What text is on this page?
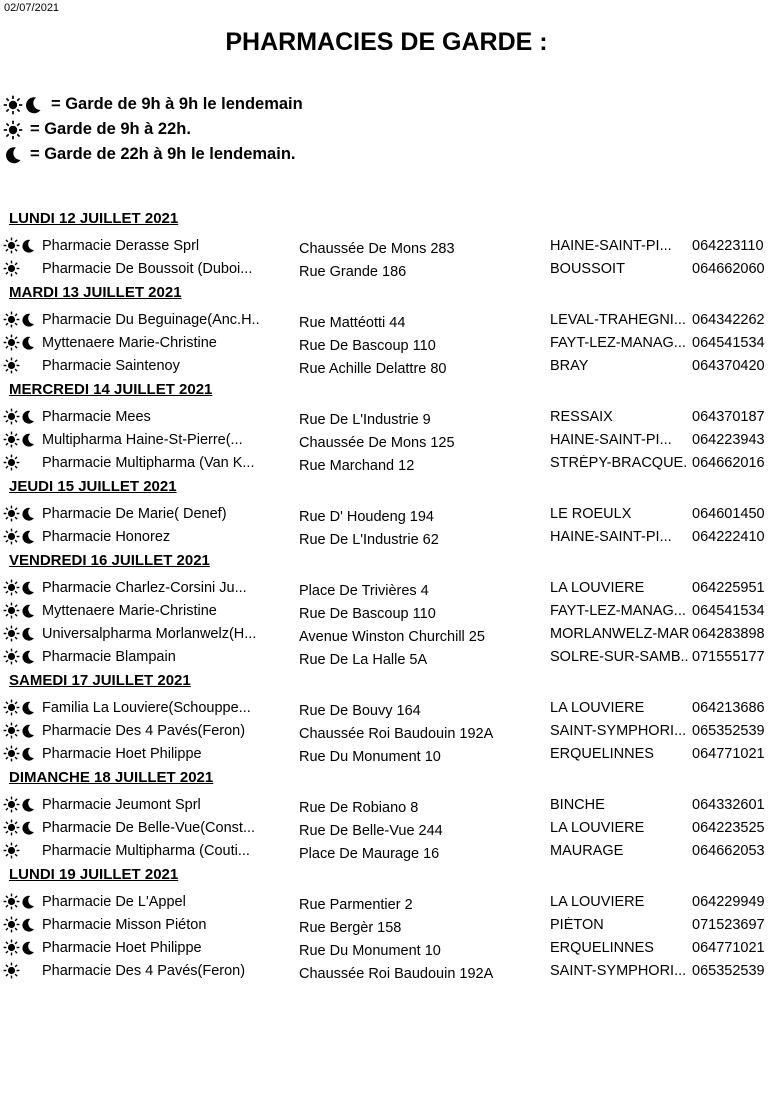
02/07/2021
PHARMACIES DE GARDE :
= Garde de 9h à 9h le lendemain
= Garde de 9h à 22h.
= Garde de 22h à 9h le lendemain.
LUNDI 12 JUILLET 2021
Pharmacie Derasse Sprl	Chaussée De Mons 283	HAINE-SAINT-PI...	064223110
Pharmacie De Boussoit (Duboi...	Rue Grande 186	BOUSSOIT	064662060
MARDI 13 JUILLET 2021
Pharmacie Du Beguinage(Anc.H..	Rue Mattéotti 44	LEVAL-TRAHEGNI... 064342262
Myttenaere Marie-Christine	Rue De Bascoup 110	FAYT-LEZ-MANAG... 064541534
Pharmacie Saintenoy	Rue Achille Delattre 80	BRAY	064370420
MERCREDI 14 JUILLET 2021
Pharmacie Mees	Rue De L'Industrie 9	RESSAIX	064370187
Multipharma Haine-St-Pierre(...	Chaussée De Mons 125	HAINE-SAINT-PI...	064223943
Pharmacie Multipharma (Van K...	Rue Marchand 12	STRÉPY-BRACQUE. 064662016
JEUDI 15 JUILLET 2021
Pharmacie De Marie( Denef)	Rue D' Houdeng 194	LE ROEULX	064601450
Pharmacie Honorez	Rue De L'Industrie 62	HAINE-SAINT-PI...	064222410
VENDREDI 16 JUILLET 2021
Pharmacie Charlez-Corsini Ju...	Place De Trivières 4	LA LOUVIERE	064225951
Myttenaere Marie-Christine	Rue De Bascoup 110	FAYT-LEZ-MANAG... 064541534
Universalpharma Morlanwelz(H...	Avenue Winston Churchill 25	MORLANWELZ-MAR 064283898
Pharmacie Blampain	Rue De La Halle 5A	SOLRE-SUR-SAMB.. 071555177
SAMEDI 17 JUILLET 2021
Familia La Louviere(Schouppe...	Rue De Bouvy 164	LA LOUVIERE	064213686
Pharmacie Des 4 Pavés(Feron)	Chaussée Roi Baudouin 192A	SAINT-SYMPHORI... 065352539
Pharmacie Hoet Philippe	Rue Du Monument 10	ERQUELINNES	064771021
DIMANCHE 18 JUILLET 2021
Pharmacie Jeumont Sprl	Rue De Robiano 8	BINCHE	064332601
Pharmacie De Belle-Vue(Const...	Rue De Belle-Vue 244	LA LOUVIERE	064223525
Pharmacie Multipharma (Couti...	Place De Maurage 16	MAURAGE	064662053
LUNDI 19 JUILLET 2021
Pharmacie De L'Appel	Rue Parmentier 2	LA LOUVIERE	064229949
Pharmacie Misson Piéton	Rue Bergèr 158	PIÉTON	071523697
Pharmacie Hoet Philippe	Rue Du Monument 10	ERQUELINNES	064771021
Pharmacie Des 4 Pavés(Feron)	Chaussée Roi Baudouin 192A	SAINT-SYMPHORI... 065352539
